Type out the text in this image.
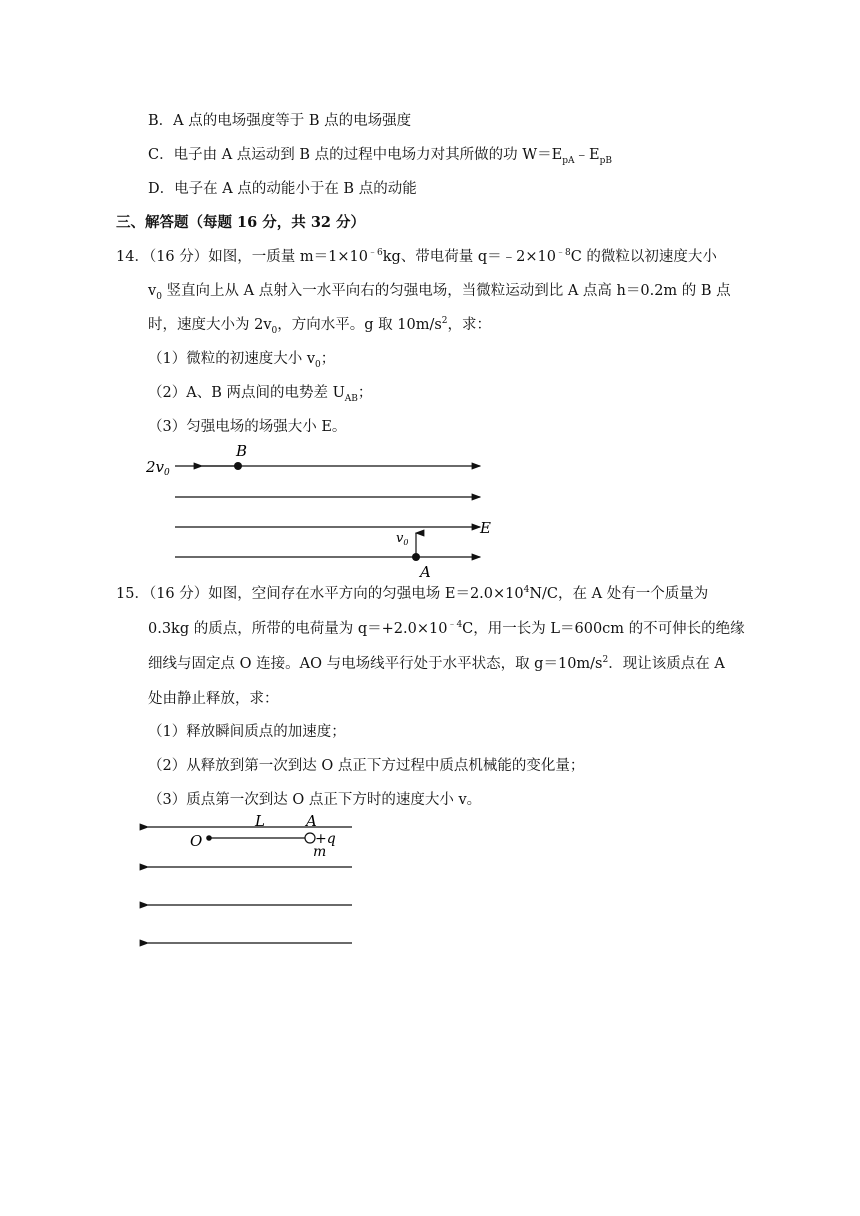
B．A 点的电场强度等于 B 点的电场强度
C．电子由 A 点运动到 B 点的过程中电场力对其所做的功 $W=E_{pA}﹣E_{pB}$
D．电子在 A 点的动能小于在 B 点的动能
三、解答题（每题 16 分，共 32 分）
14．（16 分）如图，一质量 $m=1\times 10^{﹣6}kg$、带电荷量 $q=﹣2\times 10^{﹣8}C$ 的微粒以初速度大小
$v_0$ 竖直向上从 A 点射入一水平向右的匀强电场，当微粒运动到比 A 点高 h＝0.2m 的 B 点
时，速度大小为 $2v_0$，方向水平。g 取 $10m/s^2$，求：
（1）微粒的初速度大小 $v_0$；
（2）A、B 两点间的电势差 $U_{AB}$；
（3）匀强电场的场强大小 E。
$2v_0$
B
$v_0$
E
A
O
L	A
+q
m
15．（16 分）如图，空间存在水平方向的匀强电场 $E=2.0\times 10^4N/C$，在 A 处有一个质量为
0.3kg 的质点，所带的电荷量为 $q=+2.0\times 10^{﹣4}C$，用一长为 L＝600cm 的不可伸长的绝缘
细线与固定点 O 连接。AO 与电场线平行处于水平状态，取 $g=10m/s^2$．现让该质点在 A
处由静止释放，求：
（1）释放瞬间质点的加速度；
（2）从释放到第一次到达 O 点正下方过程中质点机械能的变化量；
（3）质点第一次到达 O 点正下方时的速度大小 v。
